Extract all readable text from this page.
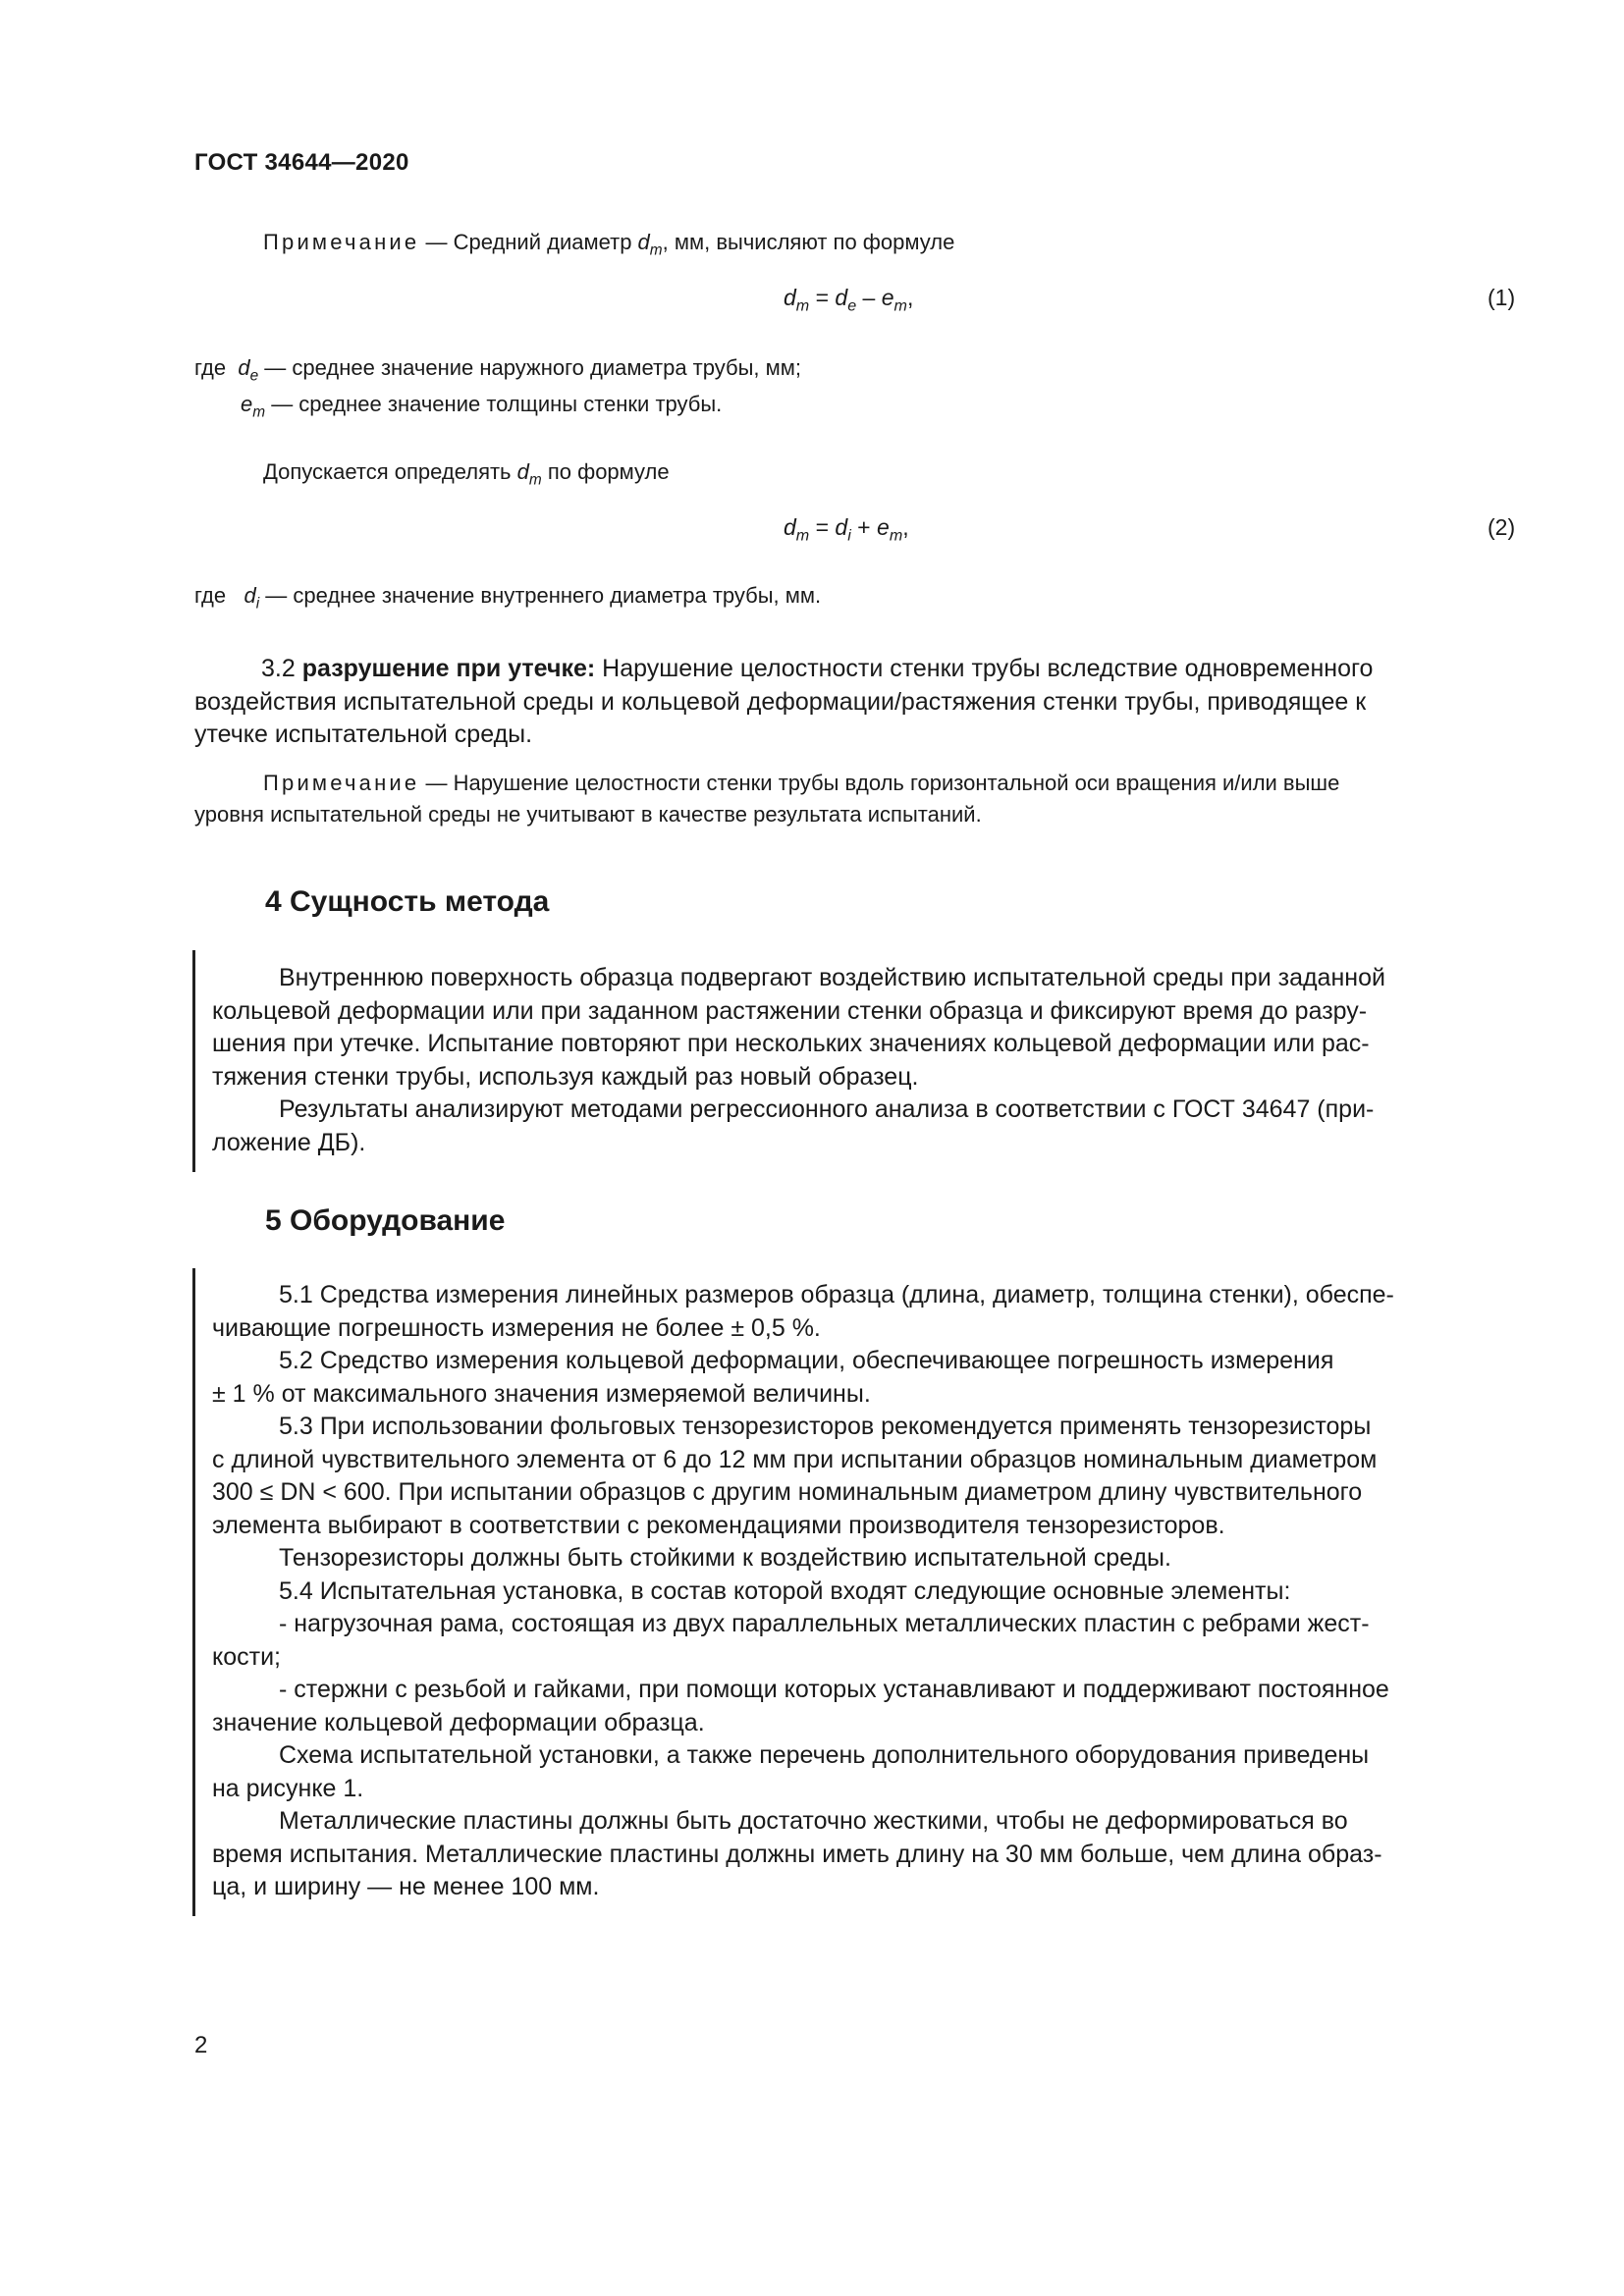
ГОСТ 34644—2020
Примечание — Средний диаметр $d_m$, мм, вычисляют по формуле
$d_m = d_e - e_m$,	(1)
где $d_e$ — среднее значение наружного диаметра трубы, мм;
$e_m$ — среднее значение толщины стенки трубы.
Допускается определять $d_m$ по формуле
$d_m = d_i + e_m$,	(2)
где $d_i$ — среднее значение внутреннего диаметра трубы, мм.

3.2 разрушение при утечке: Нарушение целостности стенки трубы вследствие одновременного

воздействия испытательной среды и кольцевой деформации/растяжения стенки трубы, приводящее к

утечке испытательной среды.

Примечание — Нарушение целостности стенки трубы вдоль горизонтальной оси вращения и/или выше
уровня испытательной среды не учитывают в качестве результата испытаний.
4 Сущность метода

Внутреннюю поверхность образца подвергают воздействию испытательной среды при заданной

кольцевой деформации или при заданном растяжении стенки образца и фиксируют время до разру-

шения при утечке. Испытание повторяют при нескольких значениях кольцевой деформации или рас-

тяжения стенки трубы, используя каждый раз новый образец.

Результаты анализируют методами регрессионного анализа в соответствии с ГОСТ 34647 (при-

ложение ДБ).

5 Оборудование

5.1 Средства измерения линейных размеров образца (длина, диаметр, толщина стенки), обеспе-

чивающие погрешность измерения не более ± 0,5 %.

5.2 Средство измерения кольцевой деформации, обеспечивающее погрешность измерения

± 1 % от максимального значения измеряемой величины.

5.3 При использовании фольговых тензорезисторов рекомендуется применять тензорезисторы

с длиной чувствительного элемента от 6 до 12 мм при испытании образцов номинальным диаметром

300 ≤ DN < 600. При испытании образцов с другим номинальным диаметром длину чувствительного

элемента выбирают в соответствии с рекомендациями производителя тензорезисторов.

Тензорезисторы должны быть стойкими к воздействию испытательной среды.

5.4 Испытательная установка, в состав которой входят следующие основные элементы:

- нагрузочная рама, состоящая из двух параллельных металлических пластин с ребрами жест-

кости;

- стержни с резьбой и гайками, при помощи которых устанавливают и поддерживают постоянное

значение кольцевой деформации образца.

Схема испытательной установки, а также перечень дополнительного оборудования приведены

на рисунке 1.

Металлические пластины должны быть достаточно жесткими, чтобы не деформироваться во

время испытания. Металлические пластины должны иметь длину на 30 мм больше, чем длина образ-

ца, и ширину — не менее 100 мм.

2
